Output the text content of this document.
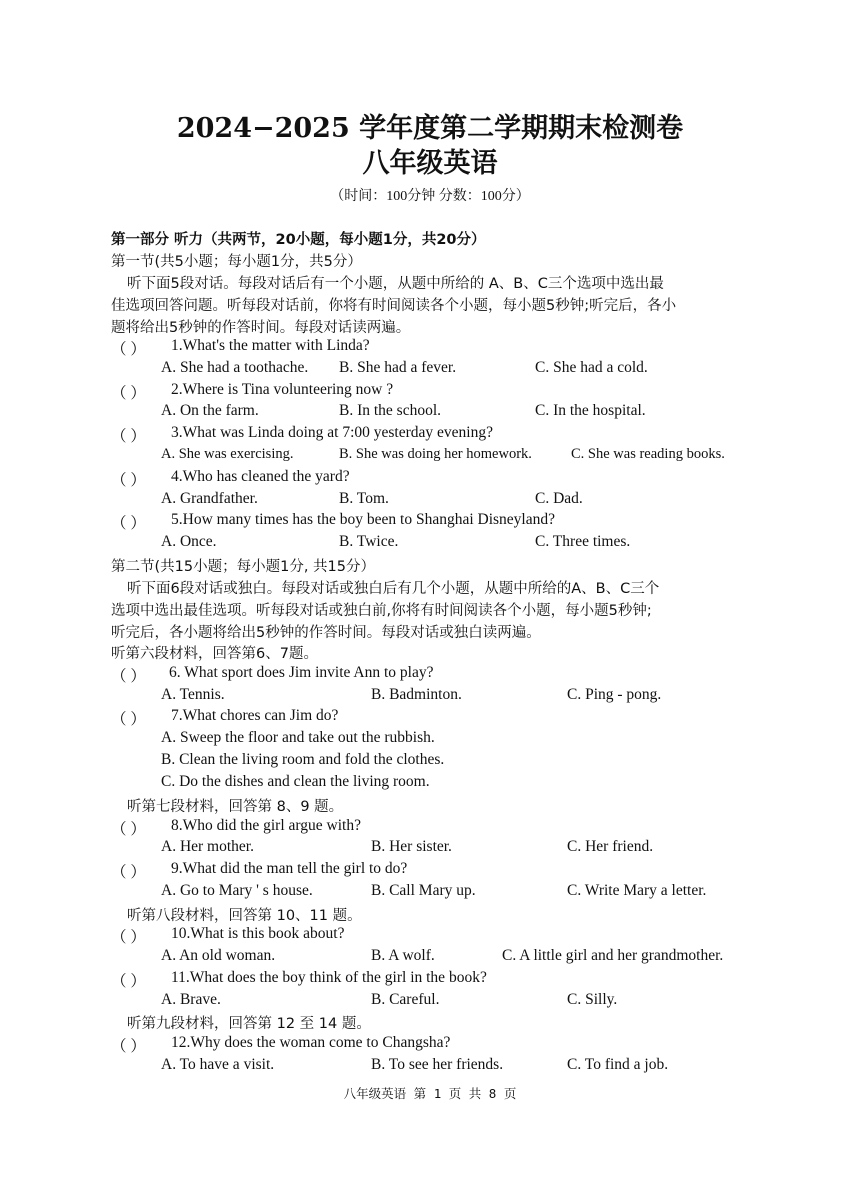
2024−2025 学年度第二学期期末检测卷
八年级英语
（时间：100分钟 分数：100分）
第一部分 听力（共两节，20小题，每小题1分，共20分）
第一节(共5小题；每小题1分，共5分）
听下面5段对话。每段对话后有一个小题，从题中所给的 A、B、C三个选项中选出最
佳选项回答问题。听每段对话前，你将有时间阅读各个小题，每小题5秒钟;听完后，各小
题将给出5秒钟的作答时间。每段对话读两遍。
（ ） 1.What's the matter with Linda?
A. She had a toothache. B. She had a fever.	C. She had a cold.
（ ） 2.Where is Tina volunteering now ?
A. On the farm.	B. In the school.	C. In the hospital.
（ ） 3.What was Linda doing at 7:00 yesterday evening?
A. She was exercising.	B. She was doing her homework.	C. She was reading books.
（ ） 4.Who has cleaned the yard?
A. Grandfather.	B. Tom.	C. Dad.
（ ） 5.How many times has the boy been to Shanghai Disneyland?
A. Once.	B. Twice.	C. Three times.
第二节(共15小题；每小题1分, 共15分）
听下面6段对话或独白。每段对话或独白后有几个小题，从题中所给的A、B、C三个
选项中选出最佳选项。听每段对话或独白前,你将有时间阅读各个小题，每小题5秒钟;
听完后，各小题将给出5秒钟的作答时间。每段对话或独白读两遍。
听第六段材料，回答第6、7题。
（ ） 6. What sport does Jim invite Ann to play?
A. Tennis.	B. Badminton.	C. Ping - pong.
（ ） 7.What chores can Jim do?
A. Sweep the floor and take out the rubbish.
B. Clean the living room and fold the clothes.
C. Do the dishes and clean the living room.
听第七段材料，回答第 8、9 题。
（ ） 8.Who did the girl argue with?
A. Her mother.	B. Her sister.	C. Her friend.
（ ） 9.What did the man tell the girl to do?
A. Go to Mary ' s house.	B. Call Mary up.	C. Write Mary a letter.
听第八段材料，回答第 10、11 题。
（ ） 10.What is this book about?
A. An old woman.	B. A wolf.	C. A little girl and her grandmother.
（ ） 11.What does the boy think of the girl in the book?
A. Brave.	B. Careful.	C. Silly.
听第九段材料，回答第 12 至 14 题。
（ ） 12.Why does the woman come to Changsha?
A. To have a visit.	B. To see her friends.	C. To find a job.
八年级英语 第 1 页 共 8 页
